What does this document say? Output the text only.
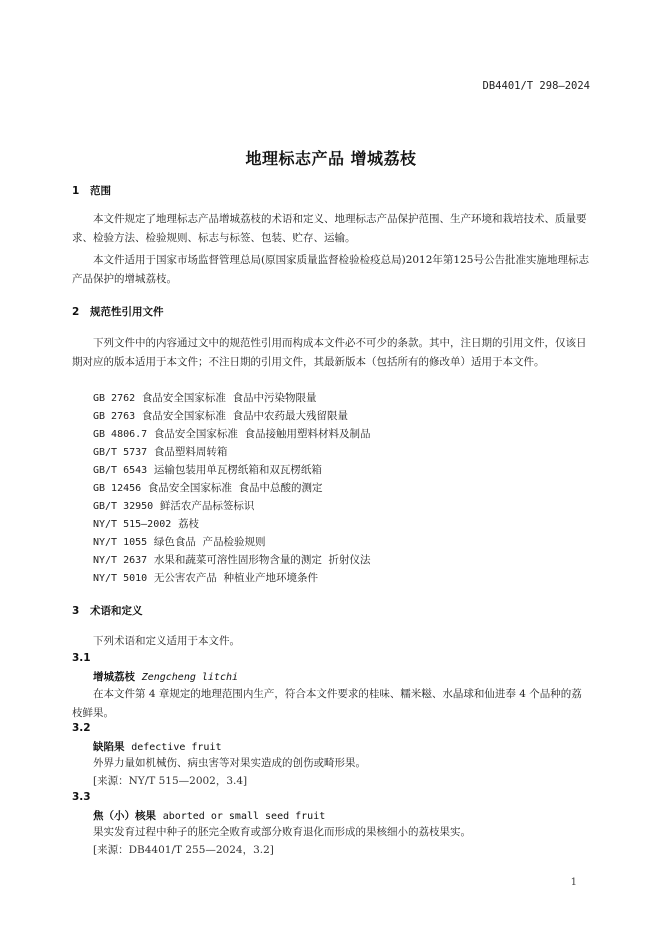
DB4401/T 298—2024
地理标志产品 增城荔枝
1 范围
本文件规定了地理标志产品增城荔枝的术语和定义、地理标志产品保护范围、生产环境和栽培技术、质量要求、检验方法、检验规则、标志与标签、包装、贮存、运输。
本文件适用于国家市场监督管理总局(原国家质量监督检验检疫总局)2012年第125号公告批准实施地理标志产品保护的增城荔枝。
2 规范性引用文件
下列文件中的内容通过文中的规范性引用而构成本文件必不可少的条款。其中，注日期的引用文件，仅该日期对应的版本适用于本文件；不注日期的引用文件，其最新版本（包括所有的修改单）适用于本文件。
GB 2762 食品安全国家标准  食品中污染物限量
GB 2763 食品安全国家标准  食品中农药最大残留限量
GB 4806.7 食品安全国家标准  食品接触用塑料材料及制品
GB/T 5737 食品塑料周转箱
GB/T 6543 运输包装用单瓦楞纸箱和双瓦楞纸箱
GB 12456 食品安全国家标准  食品中总酸的测定
GB/T 32950 鲜活农产品标签标识
NY/T 515—2002 荔枝
NY/T 1055 绿色食品  产品检验规则
NY/T 2637 水果和蔬菜可溶性固形物含量的测定  折射仪法
NY/T 5010 无公害农产品  种植业产地环境条件
3 术语和定义
下列术语和定义适用于本文件。
3.1
增城荔枝 Zengcheng litchi
在本文件第 4 章规定的地理范围内生产，符合本文件要求的桂味、糯米糍、水晶球和仙进奉 4 个品种的荔枝鲜果。
3.2
缺陷果 defective fruit
外界力量如机械伤、病虫害等对果实造成的创伤或畸形果。
[来源：NY/T 515—2002，3.4]
3.3
焦（小）核果 aborted or small seed fruit
果实发育过程中种子的胚完全败育或部分败育退化而形成的果核细小的荔枝果实。
[来源：DB4401/T 255—2024，3.2]
1
